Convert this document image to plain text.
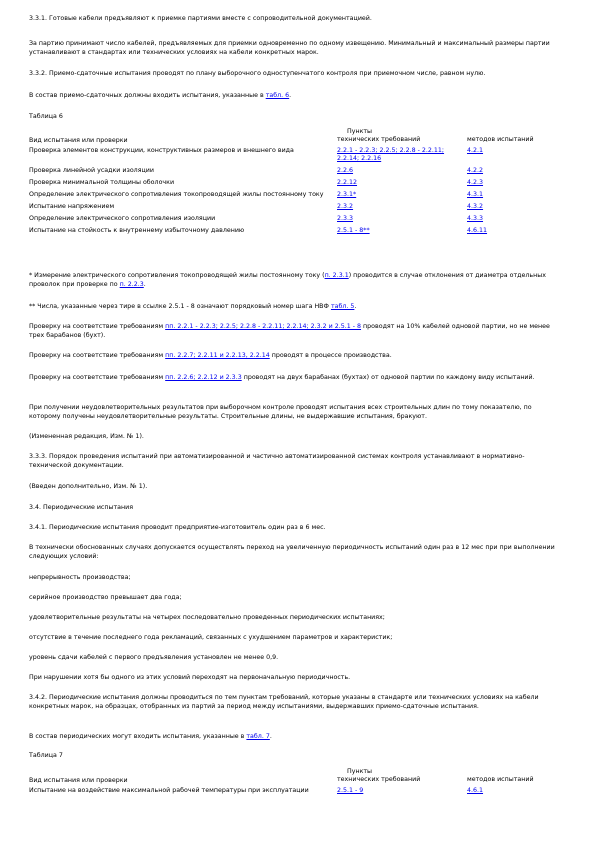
3.3.1. Готовые кабели предъявляют к приемке партиями вместе с сопроводительной документацией.

За партию принимают число кабелей, предъявляемых для приемки одновременно по одному извещению. Минимальный и максимальный размеры партии устанавливают в стандартах или технических условиях на кабели конкретных марок.

3.3.2. Приемо-сдаточные испытания проводят по плану выборочного одноступенчатого контроля при приемочном числе, равном нулю.

В состав приемо-сдаточных должны входить испытания, указанные в табл. 6.

Таблица 6
Вид испытания или проверки	Пункты	
	технических требований	методов испытаний
Проверка элементов конструкции, конструктивных размеров и внешнего вида	2.2.1 - 2.2.3; 2.2.5; 2.2.8 - 2.2.11; 2.2.14; 2.2.16	4.2.1
Проверка линейной усадки изоляции	2.2.6	4.2.2
Проверка минимальной толщины оболочки	2.2.12	4.2.3
Определение электрического сопротивления токопроводящей жилы постоянному току	2.3.1*	4.3.1
Испытание напряжением	2.3.2	4.3.2
Определение электрического сопротивления изоляции	2.3.3	4.3.3
Испытание на стойкость к внутреннему избыточному давлению	2.5.1 - 8**	4.6.11

* Измерение электрического сопротивления токопроводящей жилы постоянному току (п. 2.3.1) проводится в случае отклонения от диаметра отдельных проволок при проверке по п. 2.2.3.

** Числа, указанные через тире в ссылке 2.5.1 - 8 означают порядковый номер шага НВФ табл. 5.

Проверку на соответствие требованиям пп. 2.2.1 - 2.2.3; 2.2.5; 2.2.8 - 2.2.11; 2.2.14; 2.3.2 и 2.5.1 - 8 проводят на 10% кабелей одновой партии, но не менее трех барабанов (бухт).

Проверку на соответствие требованиям пп. 2.2.7; 2.2.11 и 2.2.13, 2.2.14 проводят в процессе производства.

Проверку на соответствие требованиям пп. 2.2.6; 2.2.12 и 2.3.3 проводят на двух барабанах (бухтах) от одновой партии по каждому виду испытаний.

При получении неудовлетворительных результатов при выборочном контроле проводят испытания всех строительных длин по тому показателю, по которому получены неудовлетворительные результаты. Строительные длины, не выдержавшие испытания, бракуют.

(Измененная редакция, Изм. № 1).

3.3.3. Порядок проведения испытаний при автоматизированной и частично автоматизированной системах контроля устанавливают в нормативно-технической документации.

(Введен дополнительно, Изм. № 1).

3.4. Периодические испытания

3.4.1. Периодические испытания проводит предприятие-изготовитель один раз в 6 мес.

В технически обоснованных случаях допускается осуществлять переход на увеличенную периодичность испытаний один раз в 12 мес при при выполнении следующих условий:

непрерывность производства;

серийное производство превышает два года;

удовлетворительные результаты на четырех последовательно проведенных периодических испытаниях;

отсутствие в течение последнего года рекламаций, связанных с ухудшением параметров и характеристик;

уровень сдачи кабелей с первого предъявления установлен не менее 0,9.

При нарушении хотя бы одного из этих условий переходят на первоначальную периодичность.

3.4.2. Периодические испытания должны проводиться по тем пунктам требований, которые указаны в стандарте или технических условиях на кабели конкретных марок, на образцах, отобранных из партий за период между испытаниями, выдержавших приемо-сдаточные испытания.

В состав периодических могут входить испытания, указанные в табл. 7.

Таблица 7
Вид испытания или проверки	Пункты	
	технических требований	методов испытаний
Испытание на воздействие максимальной рабочей температуры при эксплуатации	2.5.1 - 9	4.6.1
